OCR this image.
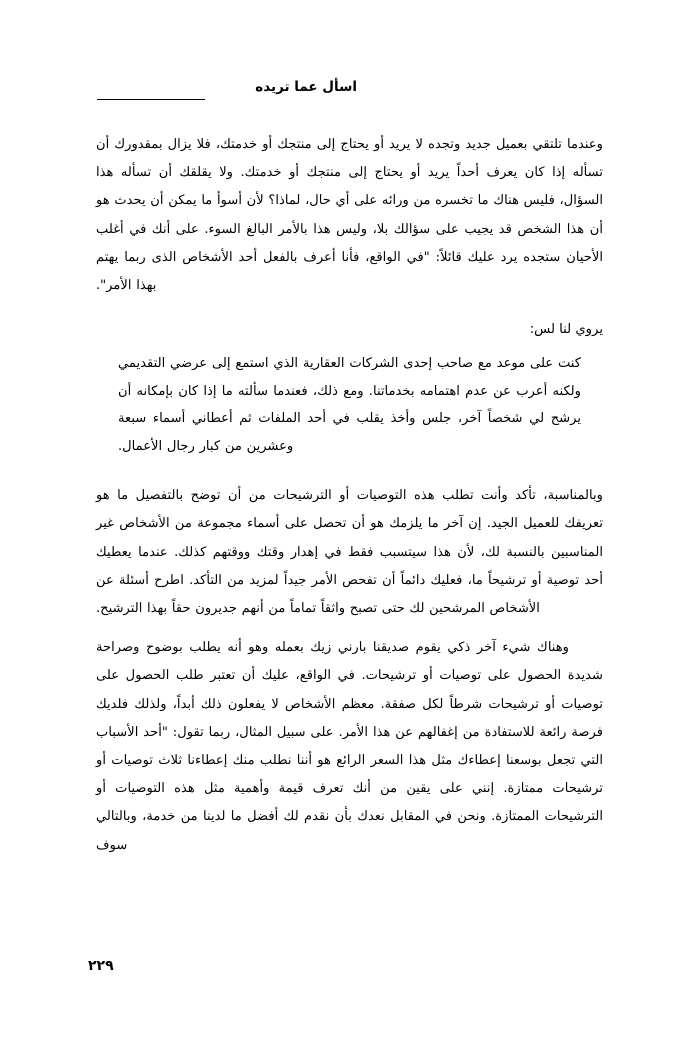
اسأل عما تريده

وعندما تلتقي بعميل جديد وتجده لا يريد أو يحتاج إلى منتجك أو خدمتك، فلا يزال بمقدورك أن تسأله إذا كان يعرف أحداً يريد أو يحتاج إلى منتجك أو خدمتك. ولا يقلقك أن تسأله هذا السؤال، فليس هناك ما تخسره من ورائه على أي حال، لماذا؟ لأن أسوأ ما يمكن أن يحدث هو أن هذا الشخص قد يجيب على سؤالك بلا، وليس هذا بالأمر البالغ السوء. على أنك في أغلب الأحيان ستجده يرد عليك قائلاً: "في الواقع، فأنا أعرف بالفعل أحد الأشخاص الذى ربما يهتم بهذا الأمر".

يروي لنا لس:

كنت على موعد مع صاحب إحدى الشركات العقارية الذي استمع إلى عرضي التقديمي ولكنه أعرب عن عدم اهتمامه بخدماتنا. ومع ذلك، فعندما سألته ما إذا كان بإمكانه أن يرشح لي شخصاً آخر، جلس وأخذ يقلب في أحد الملفات ثم أعطاني أسماء سبعة وعشرين من كبار رجال الأعمال.

وبالمناسبة، تأكد وأنت تطلب هذه التوصيات أو الترشيحات من أن توضح بالتفصيل ما هو تعريفك للعميل الجيد. إن آخر ما يلزمك هو أن تحصل على أسماء مجموعة من الأشخاص غير المناسبين بالنسبة لك، لأن هذا سيتسبب فقط في إهدار وقتك ووقتهم كذلك. عندما يعطيك أحد توصية أو ترشيحاً ما، فعليك دائماً أن تفحص الأمر جيداً لمزيد من التأكد. اطرح أسئلة عن الأشخاص المرشحين لك حتى تصبح واثقاً تماماً من أنهم جديرون حقاً بهذا الترشيح.

وهناك شيء آخر ذكي يقوم صديقنا بارني زيك بعمله وهو أنه يطلب بوضوح وصراحة شديدة الحصول على توصيات أو ترشيحات. في الواقع، عليك أن تعتبر طلب الحصول على توصيات أو ترشيحات شرطاً لكل صفقة. معظم الأشخاص لا يفعلون ذلك أبداً، ولذلك فلديك فرصة رائعة للاستفادة من إغفالهم عن هذا الأمر. على سبيل المثال، ربما تقول: "أحد الأسباب التي تجعل بوسعنا إعطاءك مثل هذا السعر الرائع هو أننا نطلب منك إعطاءنا ثلاث توصيات أو ترشيحات ممتازة. إنني على يقين من أنك تعرف قيمة وأهمية مثل هذه التوصيات أو الترشيحات الممتازة. ونحن في المقابل نعدك بأن نقدم لك أفضل ما لدينا من خدمة، وبالتالي سوف

٢٢٩
